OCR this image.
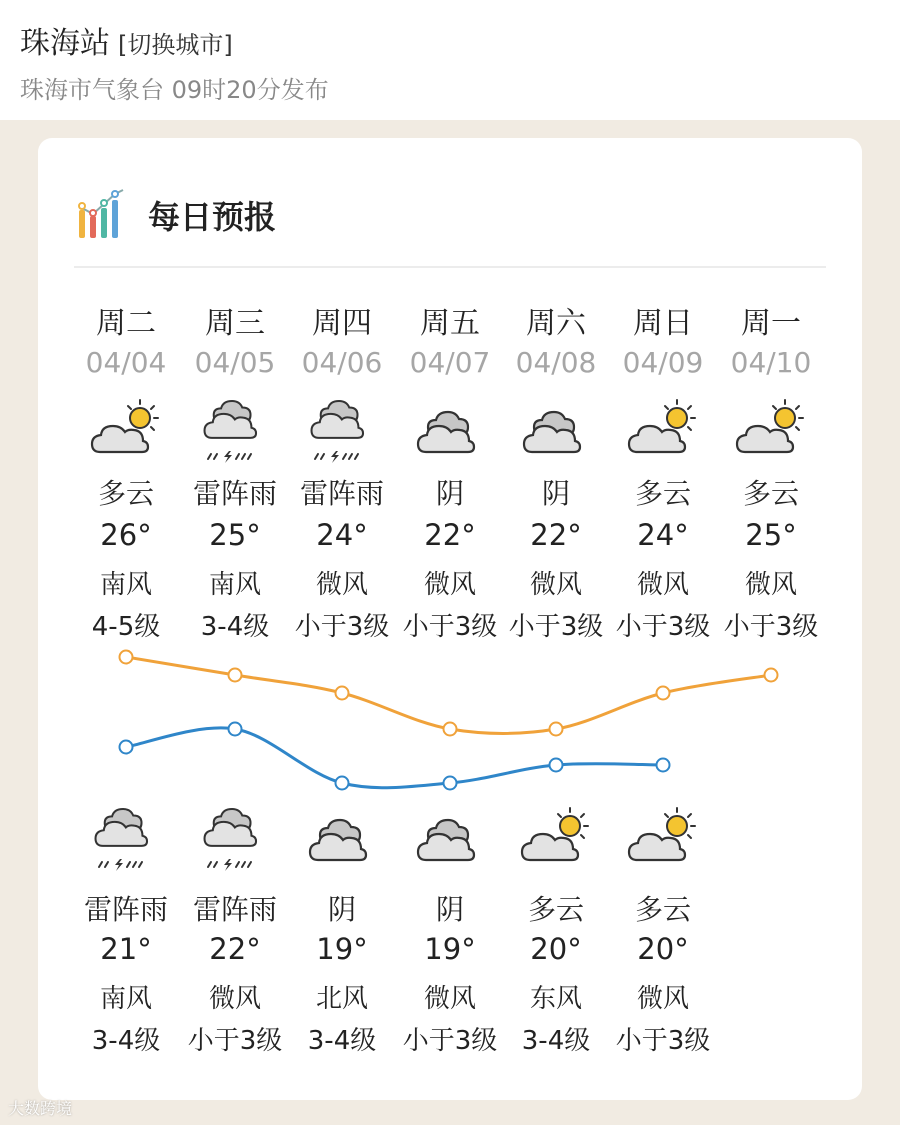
珠海站 [切换城市]
珠海市气象台 09时20分发布
每日预报
周二
04/04
多云
26°
南风
4-5级
雷阵雨
21°
南风
3-4级
周三
04/05
雷阵雨
25°
南风
3-4级
雷阵雨
22°
微风
小于3级
周四
04/06
雷阵雨
24°
微风
小于3级
阴
19°
北风
3-4级
周五
04/07
阴
22°
微风
小于3级
阴
19°
微风
小于3级
周六
04/08
阴
22°
微风
小于3级
多云
20°
东风
3-4级
周日
04/09
多云
24°
微风
小于3级
多云
20°
微风
小于3级
周一
04/10
多云
25°
微风
小于3级
大数跨境
